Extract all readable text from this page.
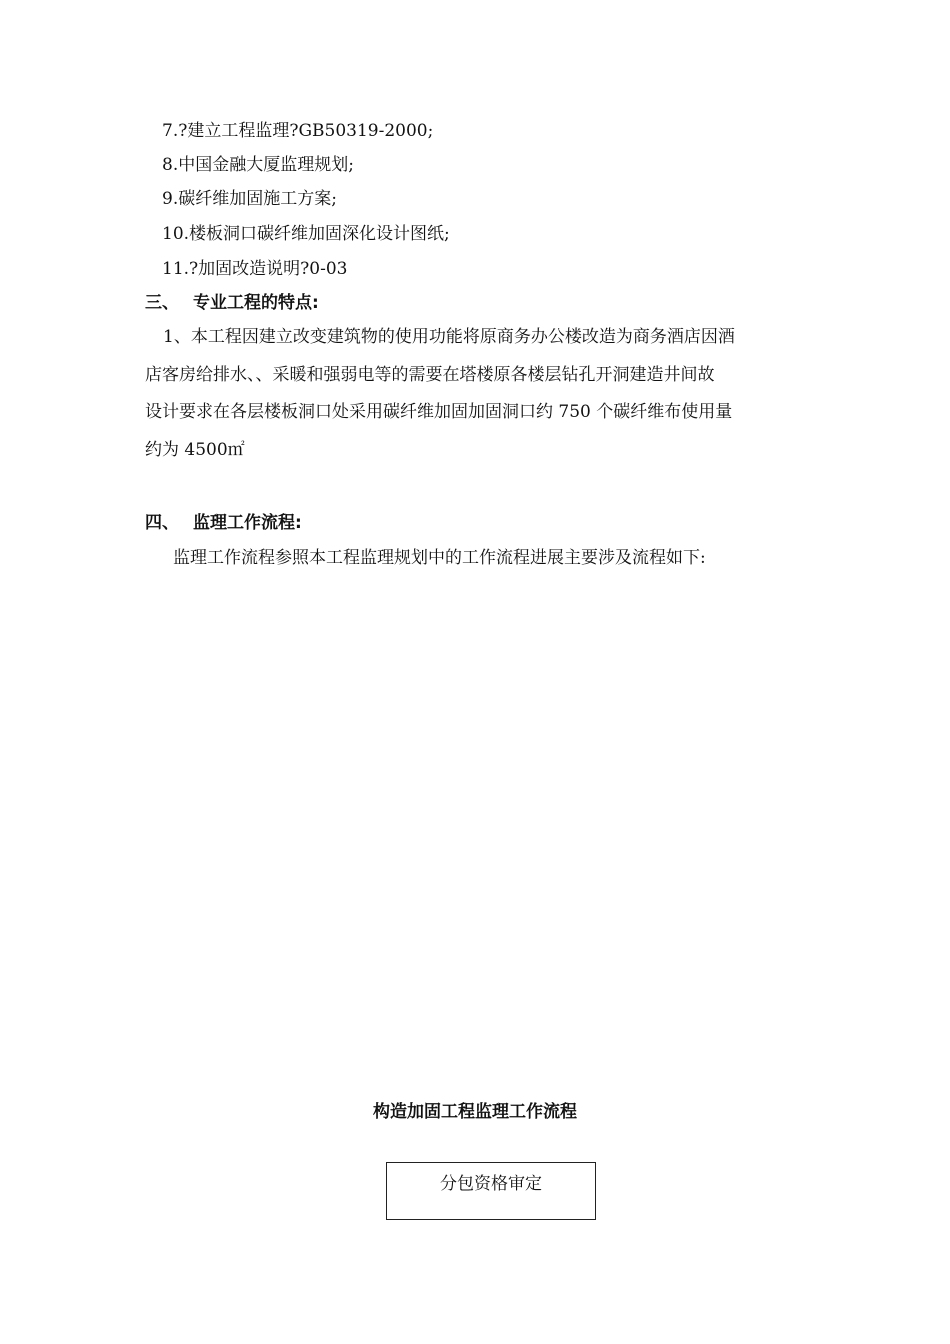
7.?建立工程监理?GB50319-2000;
8.中国金融大厦监理规划;
9.碳纤维加固施工方案;
10.楼板洞口碳纤维加固深化设计图纸;
11.?加固改造说明?0-03
三、 专业工程的特点:
1、本工程因建立改变建筑物的使用功能将原商务办公楼改造为商务酒店因酒
店客房给排水、、采暖和强弱电等的需要在塔楼原各楼层钻孔开洞建造井间故
设计要求在各层楼板洞口处采用碳纤维加固加固洞口约 750 个碳纤维布使用量
约为 4500㎡
四、 监理工作流程:
监理工作流程参照本工程监理规划中的工作流程进展主要涉及流程如下:
构造加固工程监理工作流程
分包资格审定
